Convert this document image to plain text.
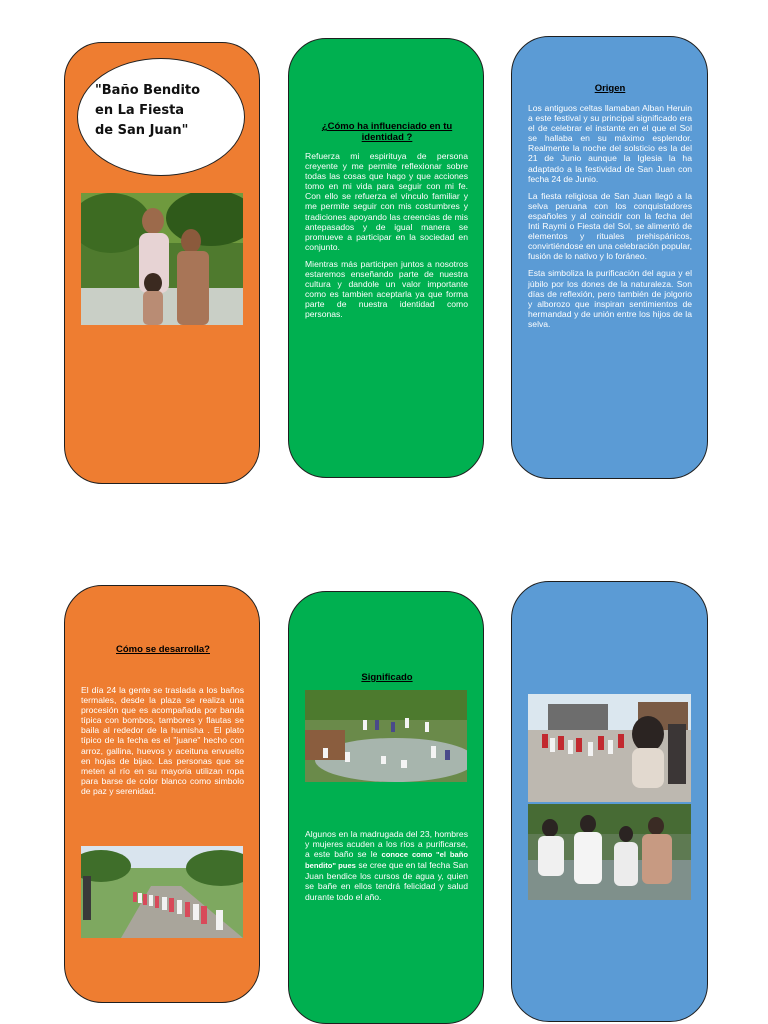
"Baño Bendito
en La Fiesta
de San Juan"	¿Cómo ha influenciado en tu identidad ?

Refuerza mi espirituya de persona creyente y me permite reflexionar sobre todas las cosas que hago y que acciones tomo en mi vida para seguir con mi fe. Con ello se refuerza el vínculo familiar y me permite seguir con mis costumbres y tradiciones apoyando las creencias de mis antepasados y de igual manera se promueve a participar en la sociedad en conjunto.

Mientras más participen juntos a nosotros estaremos enseñando parte de nuestra cultura y dandole un valor importante como es tambien aceptarla ya que forma parte de nuestra identidad como personas.

Origen

Los antiguos celtas llamaban Alban Heruin a este festival y su principal significado era el de celebrar el instante en el que el Sol se hallaba en su máximo esplendor. Realmente la noche del solsticio es la del 21 de Junio aunque la Iglesia la ha adaptado a la festividad de San Juan con fecha 24 de Junio.

La fiesta religiosa de San Juan llegó a la selva peruana con los conquistadores españoles y al coincidir con la fecha del Inti Raymi o Fiesta del Sol, se alimentó de elementos y rituales prehispánicos, convirtiéndose en una celebración popular, fusión de lo nativo y lo foráneo.

Esta simboliza la purificación del agua y el júbilo por los dones de la naturaleza. Son días de reflexión, pero también de jolgorio y alborozo que inspiran sentimientos de hermandad y de unión entre los hijos de la selva.

Cómo se desarrolla?

El día 24 la gente se traslada a los baños termales, desde la plaza se realiza una procesión que es acompañada por banda típica con bombos, tambores y flautas se baila al rededor de la humisha . El plato típico de la fecha es el "juane" hecho con arroz, gallina, huevos y aceituna envuelto en hojas de bijao. Las personas que se meten al río en su mayoria utilizan ropa para barse de color blanco como simbolo de paz y serenidad.

Significado

Algunos en la madrugada del 23, hombres y mujeres acuden a los ríos a purificarse, a este baño se le conoce como "el baño bendito" pues se cree que en tal fecha San Juan bendice los cursos de agua y, quien se bañe en ellos tendrá felicidad y salud durante todo el año.
